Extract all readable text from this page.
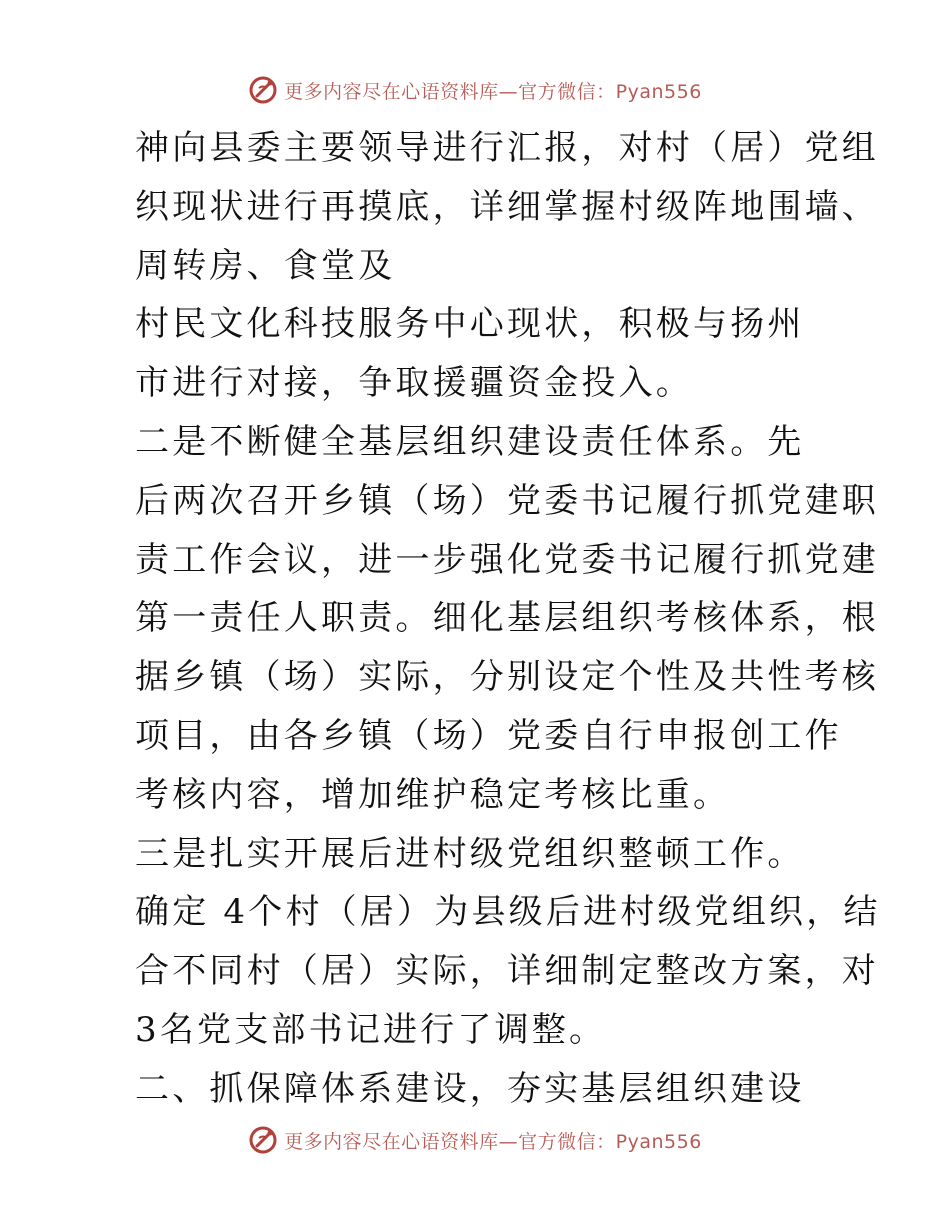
更多内容尽在心语资料库—官方微信：Pyan556
神向县委主要领导进行汇报，对村（居）党组
织现状进行再摸底，详细掌握村级阵地围墙、
周转房、食堂及
村民文化科技服务中心现状，积极与扬州
市进行对接，争取援疆资金投入。
二是不断健全基层组织建设责任体系。先
后两次召开乡镇（场）党委书记履行抓党建职
责工作会议，进一步强化党委书记履行抓党建
第一责任人职责。细化基层组织考核体系，根
据乡镇（场）实际，分别设定个性及共性考核
项目，由各乡镇（场）党委自行申报创工作
考核内容，增加维护稳定考核比重。
三是扎实开展后进村级党组织整顿工作。
确定 4个村（居）为县级后进村级党组织，结
合不同村（居）实际，详细制定整改方案，对
3名党支部书记进行了调整。
二、抓保障体系建设，夯实基层组织建设
更多内容尽在心语资料库—官方微信：Pyan556
